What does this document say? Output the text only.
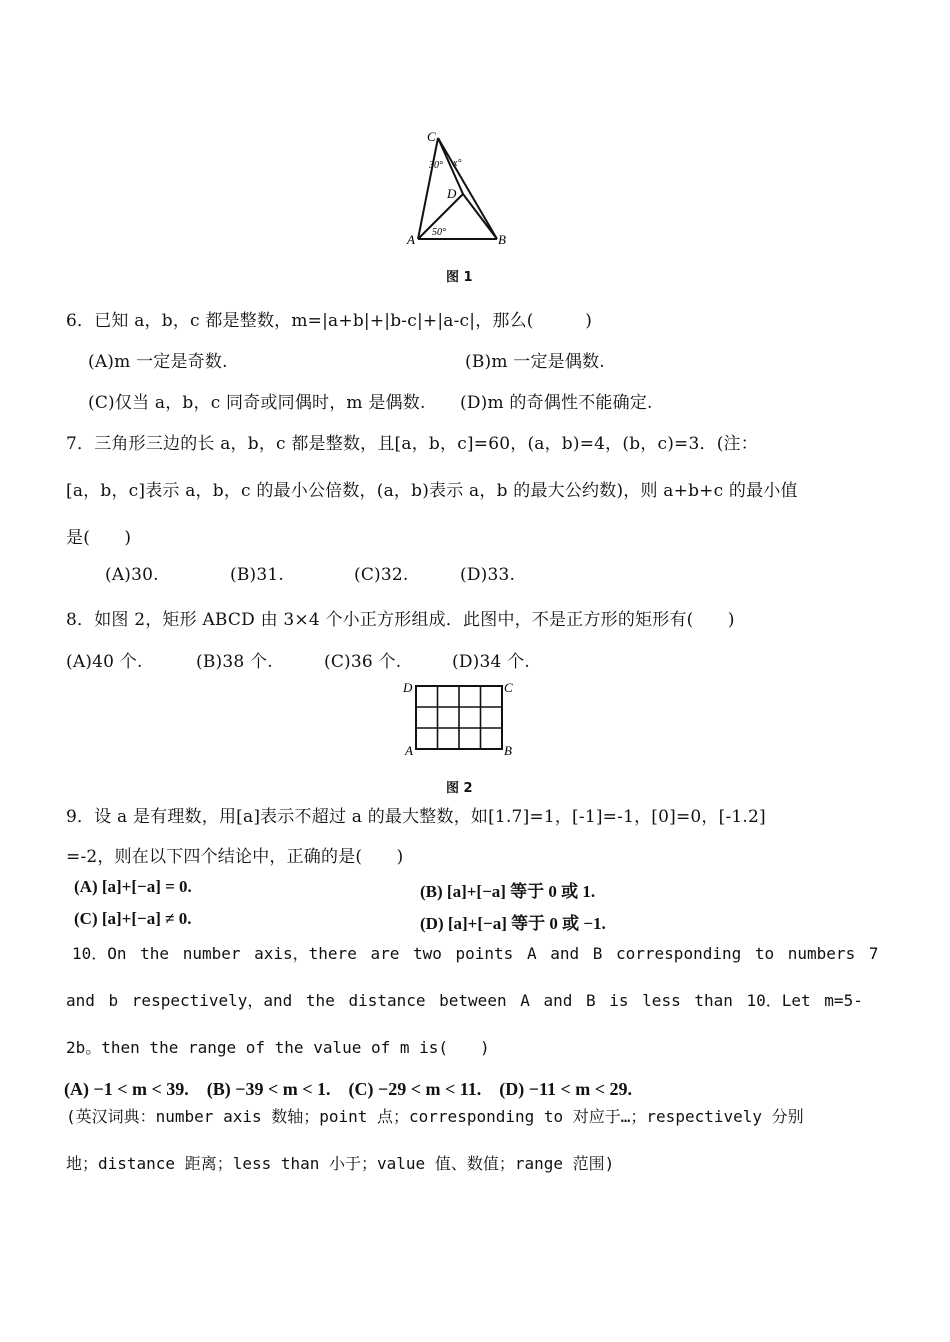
C
30° x°
D
50°
A	B
图 1
6．已知 a，b，c 都是整数，m=|a+b|+|b-c|+|a-c|，那么(　　　)
(A)m 一定是奇数.	(B)m 一定是偶数.
(C)仅当 a，b，c 同奇或同偶时，m 是偶数. (D)m 的奇偶性不能确定.
7．三角形三边的长 a，b，c 都是整数，且[a，b，c]=60，(a，b)=4，(b，c)=3．(注：
[a，b，c]表示 a，b，c 的最小公倍数，(a，b)表示 a，b 的最大公约数)，则 a+b+c 的最小值
是(　　)
(A)30.	(B)31.	(C)32.	(D)33.
8．如图 2，矩形 ABCD 由 3×4 个小正方形组成．此图中，不是正方形的矩形有(　　)
(A)40 个.	(B)38 个.	(C)36 个.	(D)34 个.
D	C
A	B
图 2
9．设 a 是有理数，用[a]表示不超过 a 的最大整数，如[1.7]=1，[-1]=-1，[0]=0，[-1.2]
=-2，则在以下四个结论中，正确的是(　　)
(A) [a]+[−a] = 0.	(B) [a]+[−a] 等于 0 或 1.
(C) [a]+[−a] ≠ 0.	(D) [a]+[−a] 等于 0 或 −1.
10．On the number axis，there are two points A and B corresponding to numbers 7
and b respectively，and the distance between A and B is less than 10．Let m=5-
2b。then the range of the value of m is(　　)
(A) −1 < m < 39.　(B) −39 < m < 1.　(C) −29 < m < 11.　(D) −11 < m < 29.
(英汉词典：number axis 数轴；point 点；corresponding to 对应于…；respectively 分别
地；distance 距离；less than 小于；value 值、数值；range 范围)
